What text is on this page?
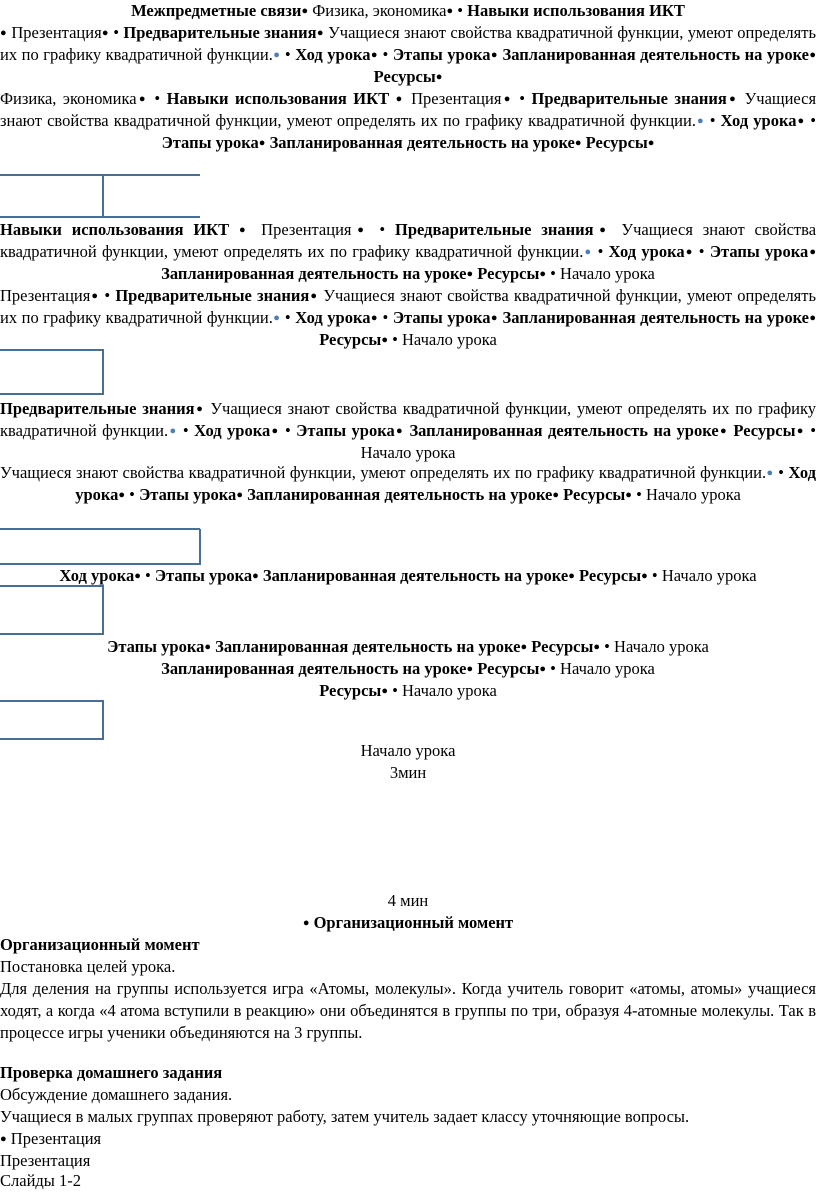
Межпредметные связи● Физика, экономика● • Навыки использования ИКТ
● Презентация● • Предварительные знания● Учащиеся знают свойства квадратичной функции, умеют определять их по графику квадратичной функции.● • Ход урока● • Этапы урока● Запланированная деятельность на уроке● Ресурсы●

Физика, экономика● • Навыки использования ИКТ ● Презентация● • Предварительные знания● Учащиеся знают свойства квадратичной функции, умеют определять их по графику квадратичной функции.● • Ход урока● • Этапы урока● Запланированная деятельность на уроке● Ресурсы●

Навыки использования ИКТ ● Презентация● • Предварительные знания● Учащиеся знают свойства квадратичной функции, умеют определять их по графику квадратичной функции.● • Ход урока● • Этапы урока● Запланированная деятельность на уроке● Ресурсы● • Начало урока

Презентация● • Предварительные знания● Учащиеся знают свойства квадратичной функции, умеют определять их по графику квадратичной функции.● • Ход урока● • Этапы урока● Запланированная деятельность на уроке● Ресурсы● • Начало урока

Предварительные знания● Учащиеся знают свойства квадратичной функции, умеют определять их по графику квадратичной функции.● • Ход урока● • Этапы урока● Запланированная деятельность на уроке● Ресурсы● • Начало урока

Учащиеся знают свойства квадратичной функции, умеют определять их по графику квадратичной функции.● • Ход урока● • Этапы урока● Запланированная деятельность на уроке● Ресурсы● • Начало урока

Ход урока● • Этапы урока● Запланированная деятельность на уроке● Ресурсы● • Начало урока

Этапы урока● Запланированная деятельность на уроке● Ресурсы● • Начало урока

Запланированная деятельность на уроке● Ресурсы● • Начало урока

Ресурсы● • Начало урока

Начало урока

3мин

4 мин

● Организационный момент

Организационный момент

Постановка целей урока.

Для деления на группы используется игра «Атомы, молекулы». Когда учитель говорит «атомы, атомы» учащиеся ходят, а когда «4 атома вступили в реакцию» они объединятся в группы по три, образуя 4-атомные молекулы. Так в процессе игры ученики объединяются на 3 группы.

Проверка домашнего задания

Обсуждение домашнего задания.

Учащиеся в малых группах проверяют работу, затем учитель задает классу уточняющие вопросы.

● Презентация

Презентация

Слайды 1-2
